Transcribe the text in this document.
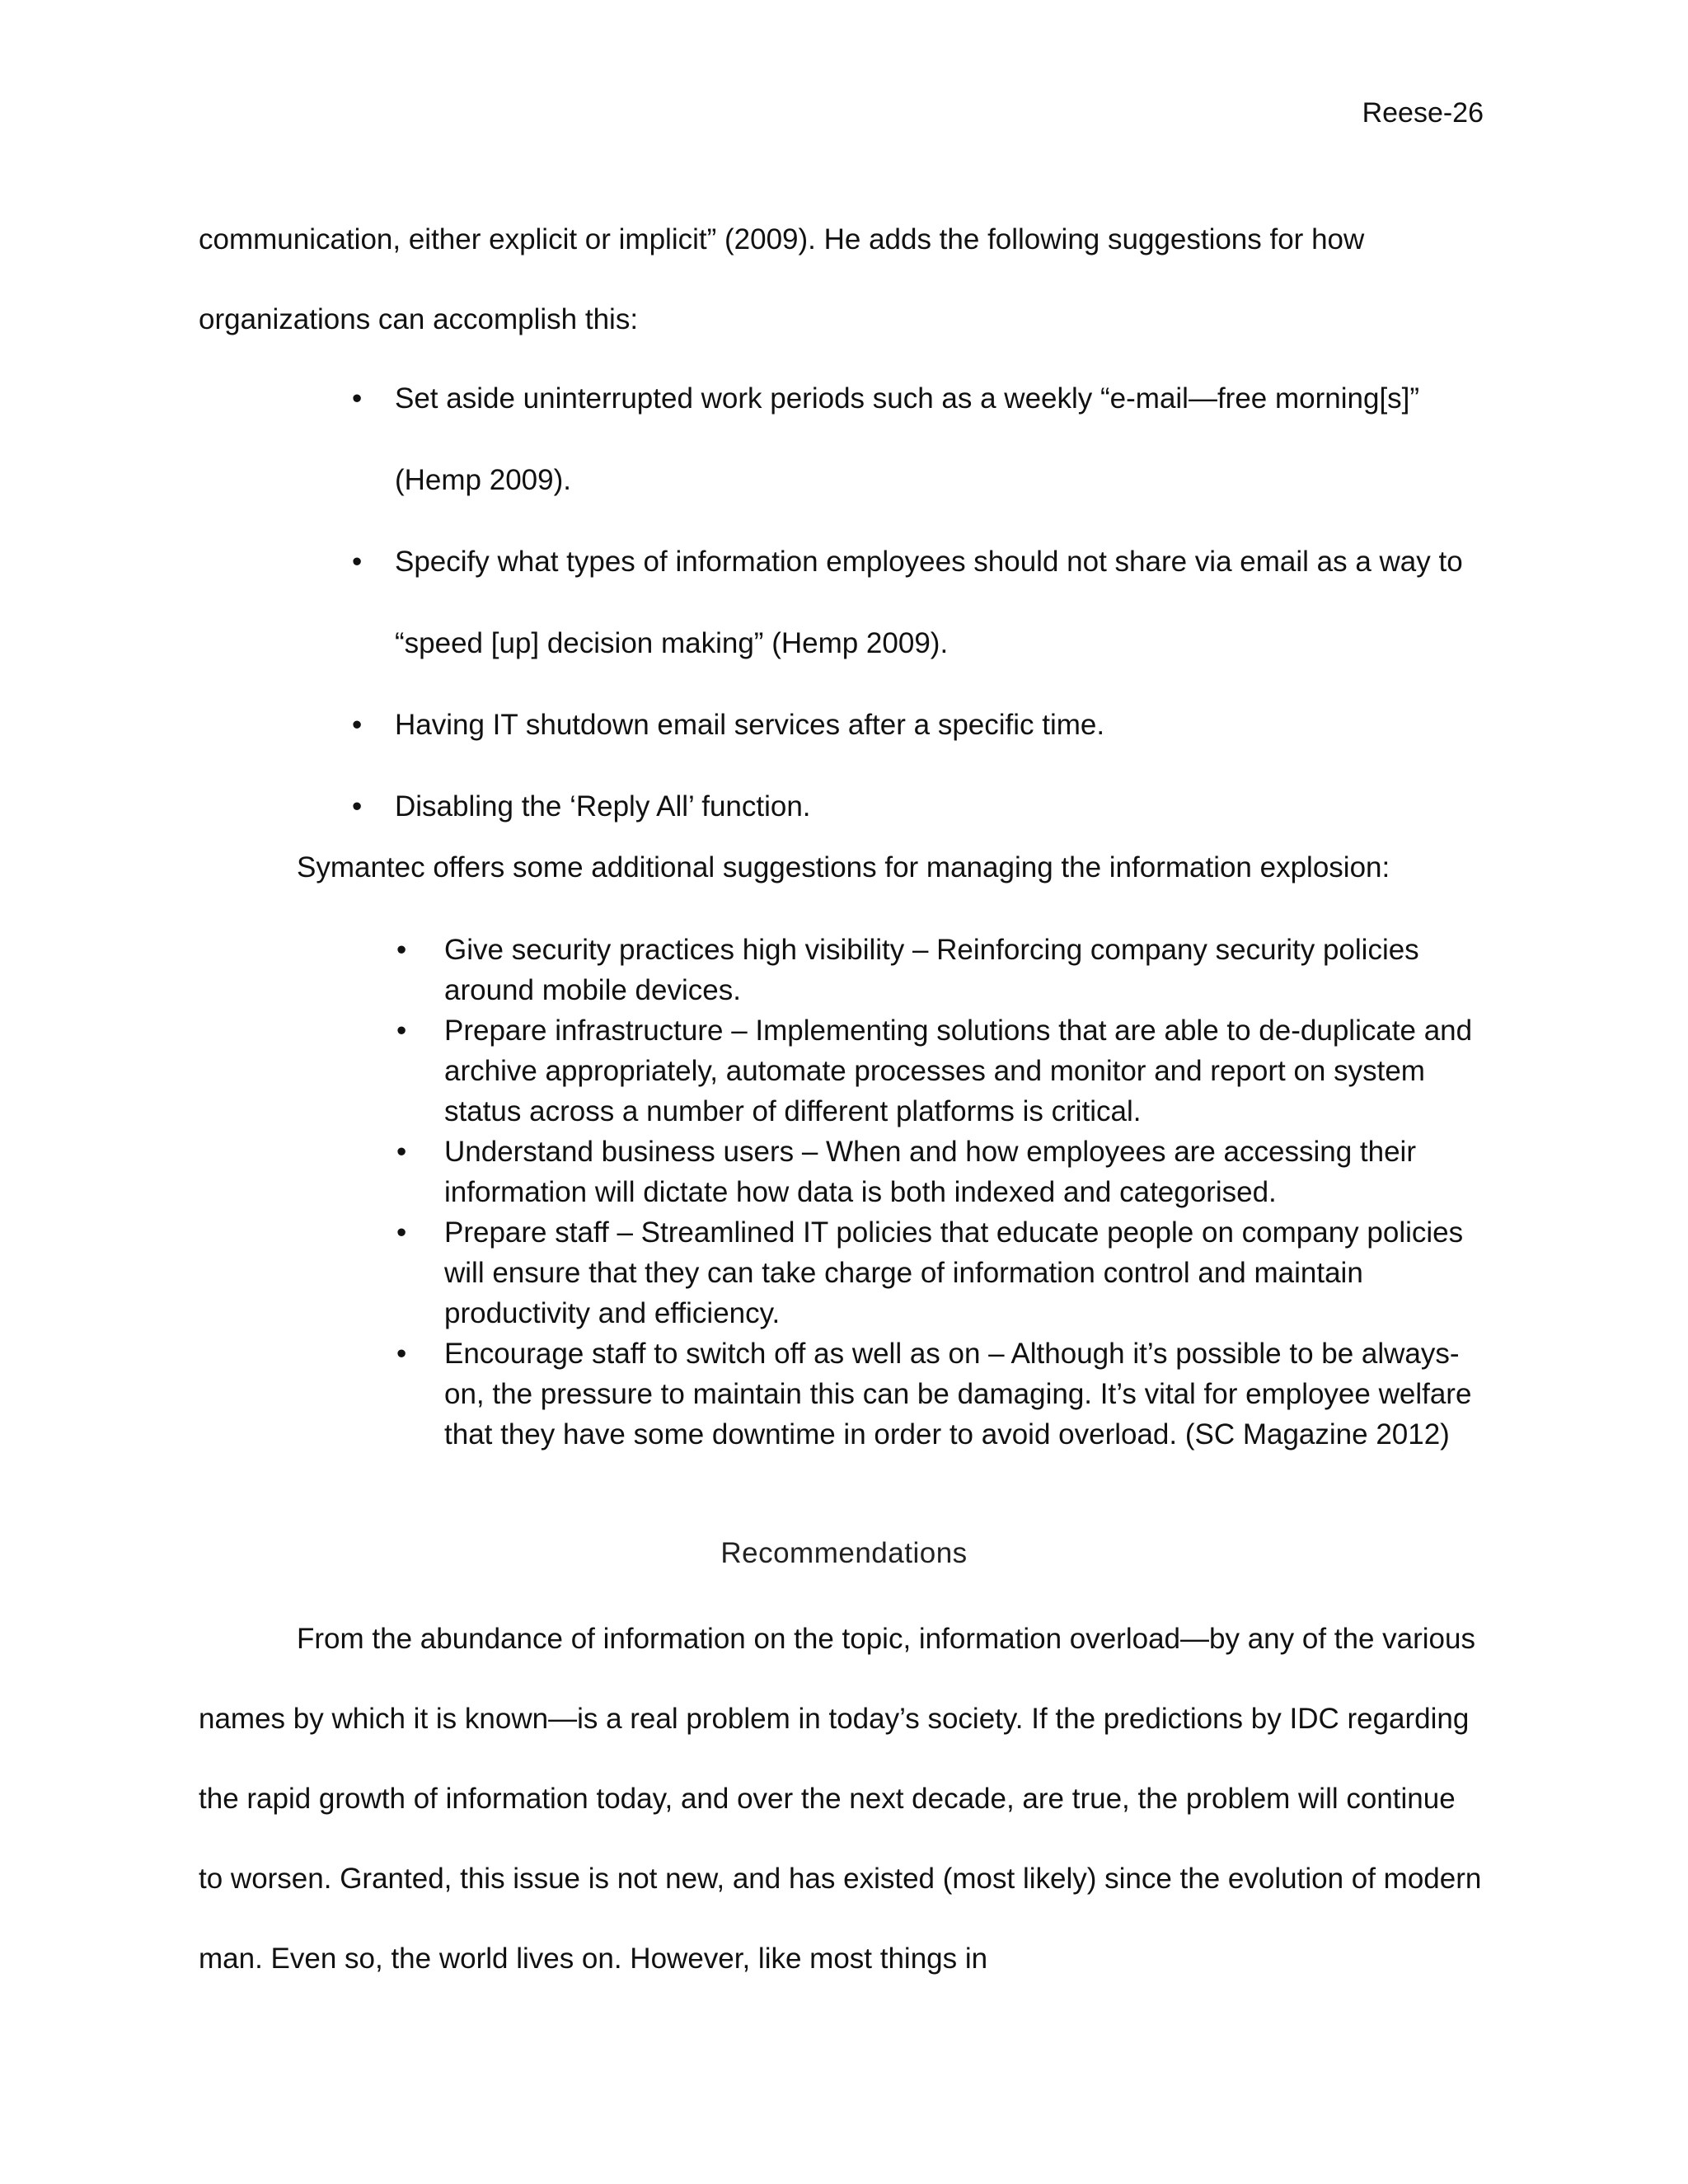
Reese-26

communication, either explicit or implicit” (2009). He adds the following suggestions for how organizations can accomplish this:

• Set aside uninterrupted work periods such as a weekly “e-mail—free morning[s]” (Hemp 2009).
• Specify what types of information employees should not share via email as a way to “speed [up] decision making” (Hemp 2009).
• Having IT shutdown email services after a specific time.
• Disabling the ‘Reply All’ function.

Symantec offers some additional suggestions for managing the information explosion:

• Give security practices high visibility – Reinforcing company security policies around mobile devices.
• Prepare infrastructure – Implementing solutions that are able to de-duplicate and archive appropriately, automate processes and monitor and report on system status across a number of different platforms is critical.
• Understand business users – When and how employees are accessing their information will dictate how data is both indexed and categorised.
• Prepare staff – Streamlined IT policies that educate people on company policies will ensure that they can take charge of information control and maintain productivity and efficiency.
• Encourage staff to switch off as well as on – Although it’s possible to be always-on, the pressure to maintain this can be damaging. It’s vital for employee welfare that they have some downtime in order to avoid overload. (SC Magazine 2012)
Recommendations

From the abundance of information on the topic, information overload—by any of the various names by which it is known—is a real problem in today’s society. If the predictions by IDC regarding the rapid growth of information today, and over the next decade, are true, the problem will continue to worsen. Granted, this issue is not new, and has existed (most likely) since the evolution of modern man. Even so, the world lives on. However, like most things in
